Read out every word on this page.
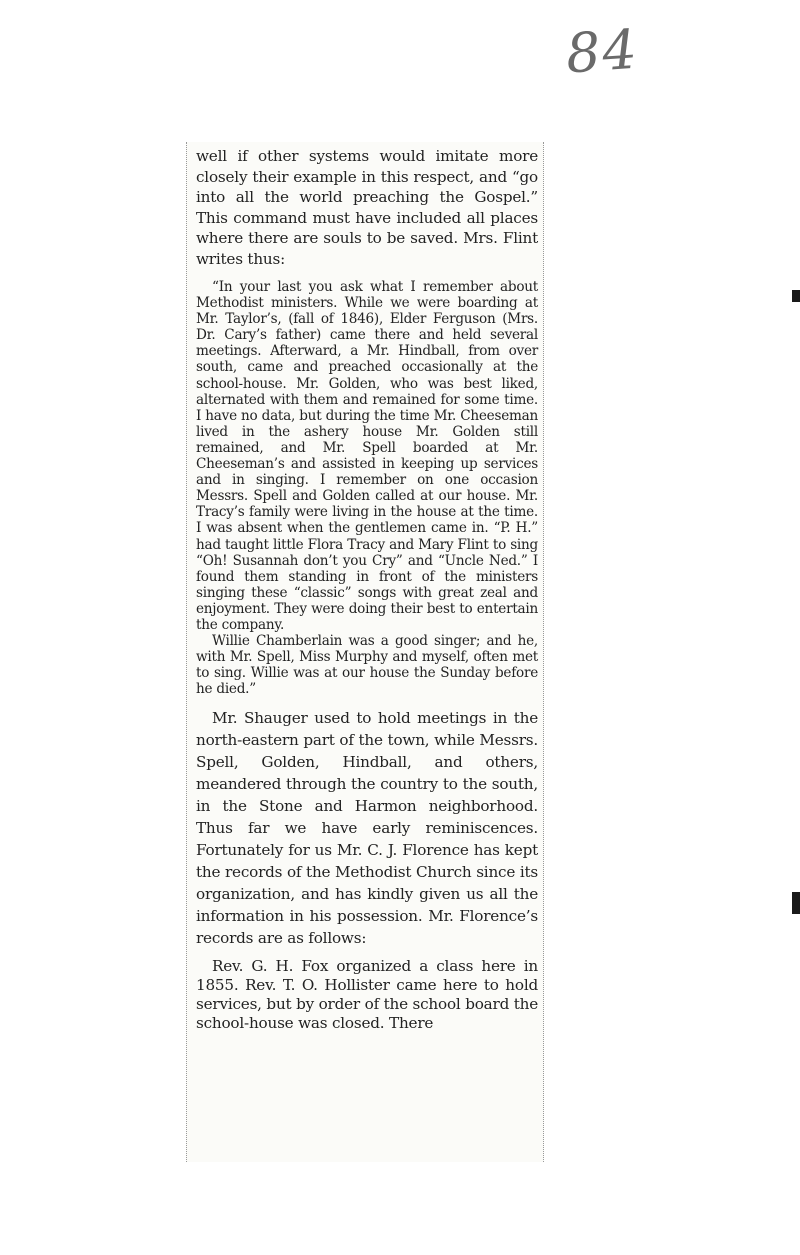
84

well if other systems would imitate more closely their example in this respect, and “go into all the world preaching the Gospel.” This command must have included all places where there are souls to be saved. Mrs. Flint writes thus:

“In your last you ask what I remember about Methodist ministers. While we were boarding at Mr. Taylor’s, (fall of 1846), Elder Ferguson (Mrs. Dr. Cary’s father) came there and held several meetings. Afterward, a Mr. Hindball, from over south, came and preached occasionally at the school-house. Mr. Golden, who was best liked, alternated with them and remained for some time. I have no data, but during the time Mr. Cheeseman lived in the ashery house Mr. Golden still remained, and Mr. Spell boarded at Mr. Cheeseman’s and assisted in keeping up services and in singing. I remember on one occasion Messrs. Spell and Golden called at our house. Mr. Tracy’s family were living in the house at the time. I was absent when the gentlemen came in. “P. H.” had taught little Flora Tracy and Mary Flint to sing “Oh! Susannah don’t you Cry” and “Uncle Ned.” I found them standing in front of the ministers singing these “classic” songs with great zeal and enjoyment. They were doing their best to entertain the company.

Willie Chamberlain was a good singer; and he, with Mr. Spell, Miss Murphy and myself, often met to sing. Willie was at our house the Sunday before he died.”

Mr. Shauger used to hold meetings in the north-eastern part of the town, while Messrs. Spell, Golden, Hindball, and others, meandered through the country to the south, in the Stone and Harmon neighborhood. Thus far we have early reminiscences. Fortunately for us Mr. C. J. Florence has kept the records of the Methodist Church since its organization, and has kindly given us all the information in his possession. Mr. Florence’s records are as follows:

Rev. G. H. Fox organized a class here in 1855. Rev. T. O. Hollister came here to hold services, but by order of the school board the school-house was closed. There
